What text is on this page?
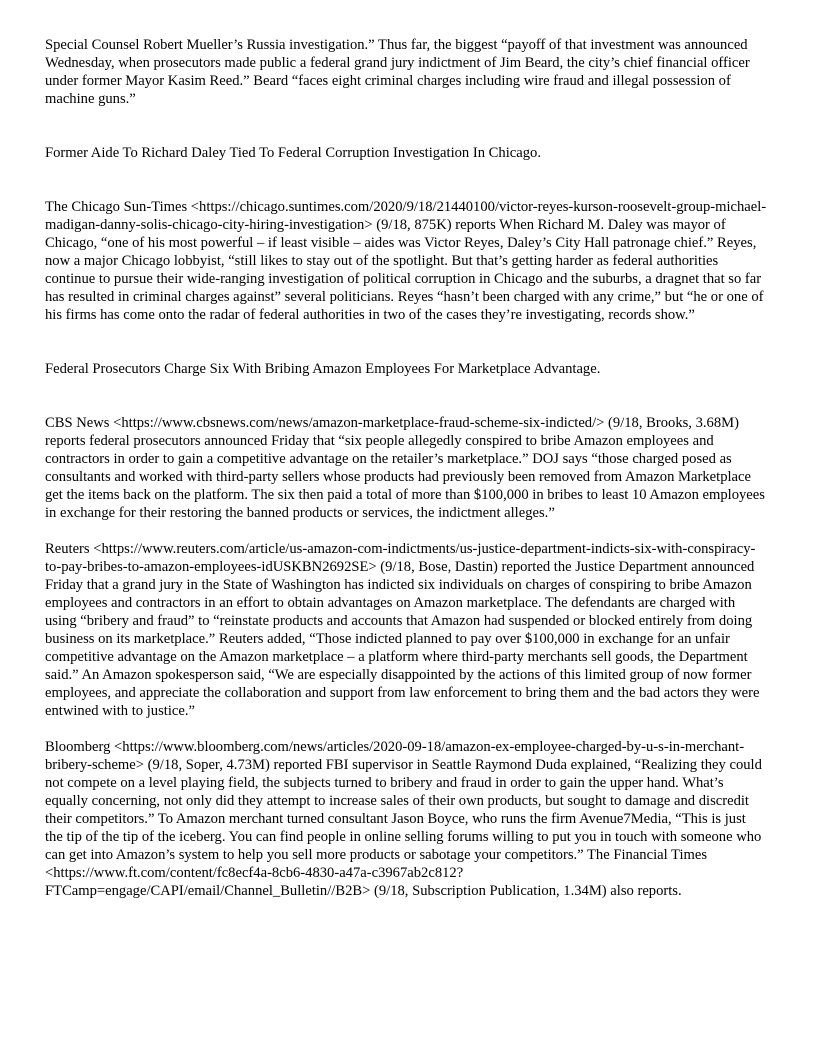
Special Counsel Robert Mueller’s Russia investigation.” Thus far, the biggest “payoff of that investment was announced Wednesday, when prosecutors made public a federal grand jury indictment of Jim Beard, the city’s chief financial officer under former Mayor Kasim Reed.” Beard “faces eight criminal charges including wire fraud and illegal possession of machine guns.”

Former Aide To Richard Daley Tied To Federal Corruption Investigation In Chicago.

The Chicago Sun-Times <https://chicago.suntimes.com/2020/9/18/21440100/victor-reyes-kurson-roosevelt-group-michael-madigan-danny-solis-chicago-city-hiring-investigation> (9/18, 875K) reports When Richard M. Daley was mayor of Chicago, “one of his most powerful – if least visible – aides was Victor Reyes, Daley’s City Hall patronage chief.” Reyes, now a major Chicago lobbyist, “still likes to stay out of the spotlight. But that’s getting harder as federal authorities continue to pursue their wide-ranging investigation of political corruption in Chicago and the suburbs, a dragnet that so far has resulted in criminal charges against” several politicians. Reyes “hasn’t been charged with any crime,” but “he or one of his firms has come onto the radar of federal authorities in two of the cases they’re investigating, records show.”

Federal Prosecutors Charge Six With Bribing Amazon Employees For Marketplace Advantage.

CBS News <https://www.cbsnews.com/news/amazon-marketplace-fraud-scheme-six-indicted/> (9/18, Brooks, 3.68M) reports federal prosecutors announced Friday that “six people allegedly conspired to bribe Amazon employees and contractors in order to gain a competitive advantage on the retailer’s marketplace.” DOJ says “those charged posed as consultants and worked with third-party sellers whose products had previously been removed from Amazon Marketplace get the items back on the platform. The six then paid a total of more than $100,000 in bribes to least 10 Amazon employees in exchange for their restoring the banned products or services, the indictment alleges.”

Reuters <https://www.reuters.com/article/us-amazon-com-indictments/us-justice-department-indicts-six-with-conspiracy-to-pay-bribes-to-amazon-employees-idUSKBN2692SE> (9/18, Bose, Dastin) reported the Justice Department announced Friday that a grand jury in the State of Washington has indicted six individuals on charges of conspiring to bribe Amazon employees and contractors in an effort to obtain advantages on Amazon marketplace. The defendants are charged with using “bribery and fraud” to “reinstate products and accounts that Amazon had suspended or blocked entirely from doing business on its marketplace.” Reuters added, “Those indicted planned to pay over $100,000 in exchange for an unfair competitive advantage on the Amazon marketplace – a platform where third-party merchants sell goods, the Department said.” An Amazon spokesperson said, “We are especially disappointed by the actions of this limited group of now former employees, and appreciate the collaboration and support from law enforcement to bring them and the bad actors they were entwined with to justice.”

Bloomberg <https://www.bloomberg.com/news/articles/2020-09-18/amazon-ex-employee-charged-by-u-s-in-merchant-bribery-scheme> (9/18, Soper, 4.73M) reported FBI supervisor in Seattle Raymond Duda explained, “Realizing they could not compete on a level playing field, the subjects turned to bribery and fraud in order to gain the upper hand. What’s equally concerning, not only did they attempt to increase sales of their own products, but sought to damage and discredit their competitors.” To Amazon merchant turned consultant Jason Boyce, who runs the firm Avenue7Media, “This is just the tip of the tip of the iceberg. You can find people in online selling forums willing to put you in touch with someone who can get into Amazon’s system to help you sell more products or sabotage your competitors.” The Financial Times <https://www.ft.com/content/fc8ecf4a-8cb6-4830-a47a-c3967ab2c812?FTCamp=engage/CAPI/email/Channel_Bulletin//B2B> (9/18, Subscription Publication, 1.34M) also reports.
